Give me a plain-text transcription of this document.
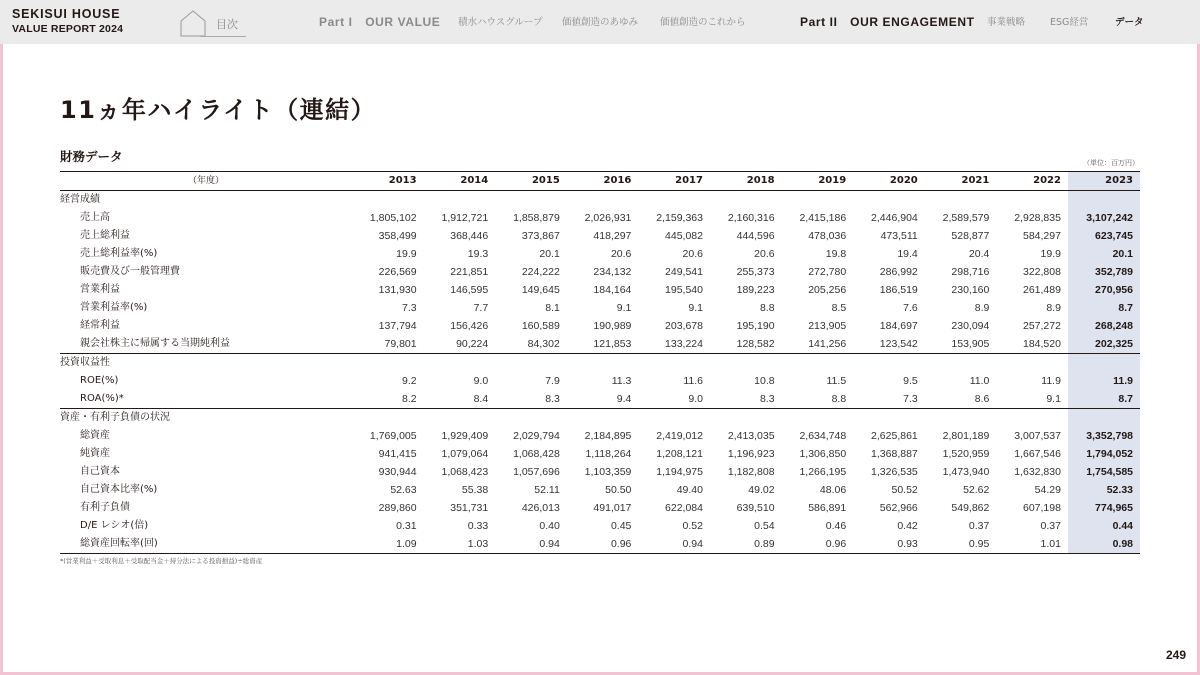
SEKISUI HOUSE
VALUE REPORT 2024	目次	Part I　OUR VALUE 積水ハウスグループ 価値創造のあゆみ 価値創造のこれから	Part II　OUR ENGAGEMENT 事業戦略	ESG経営	データ
11ヵ年ハイライト（連結）
財務データ	（単位：百万円）
（年度）	2013	2014	2015	2016	2017	2018	2019	2020	2021	2022	2023
経営成績											
売上高	1,805,102	1,912,721	1,858,879	2,026,931	2,159,363	2,160,316	2,415,186	2,446,904	2,589,579	2,928,835	3,107,242
売上総利益	358,499	368,446	373,867	418,297	445,082	444,596	478,036	473,511	528,877	584,297	623,745
売上総利益率(%)	19.9	19.3	20.1	20.6	20.6	20.6	19.8	19.4	20.4	19.9	20.1
販売費及び一般管理費	226,569	221,851	224,222	234,132	249,541	255,373	272,780	286,992	298,716	322,808	352,789
営業利益	131,930	146,595	149,645	184,164	195,540	189,223	205,256	186,519	230,160	261,489	270,956
営業利益率(%)	7.3	7.7	8.1	9.1	9.1	8.8	8.5	7.6	8.9	8.9	8.7
経常利益	137,794	156,426	160,589	190,989	203,678	195,190	213,905	184,697	230,094	257,272	268,248
親会社株主に帰属する当期純利益	79,801	90,224	84,302	121,853	133,224	128,582	141,256	123,542	153,905	184,520	202,325
投資収益性											
ROE(%)	9.2	9.0	7.9	11.3	11.6	10.8	11.5	9.5	11.0	11.9	11.9
ROA(%)*	8.2	8.4	8.3	9.4	9.0	8.3	8.8	7.3	8.6	9.1	8.7
資産・有利子負債の状況											
総資産	1,769,005	1,929,409	2,029,794	2,184,895	2,419,012	2,413,035	2,634,748	2,625,861	2,801,189	3,007,537	3,352,798
純資産	941,415	1,079,064	1,068,428	1,118,264	1,208,121	1,196,923	1,306,850	1,368,887	1,520,959	1,667,546	1,794,052
自己資本	930,944	1,068,423	1,057,696	1,103,359	1,194,975	1,182,808	1,266,195	1,326,535	1,473,940	1,632,830	1,754,585
自己資本比率(%)	52.63	55.38	52.11	50.50	49.40	49.02	48.06	50.52	52.62	54.29	52.33
有利子負債	289,860	351,731	426,013	491,017	622,084	639,510	586,891	562,966	549,862	607,198	774,965
D/E レシオ(倍)	0.31	0.33	0.40	0.45	0.52	0.54	0.46	0.42	0.37	0.37	0.44
総資産回転率(回)	1.09	1.03	0.94	0.96	0.94	0.89	0.96	0.93	0.95	1.01	0.98
*(営業利益＋受取利息＋受取配当金＋持分法による投資損益)÷総資産
249
